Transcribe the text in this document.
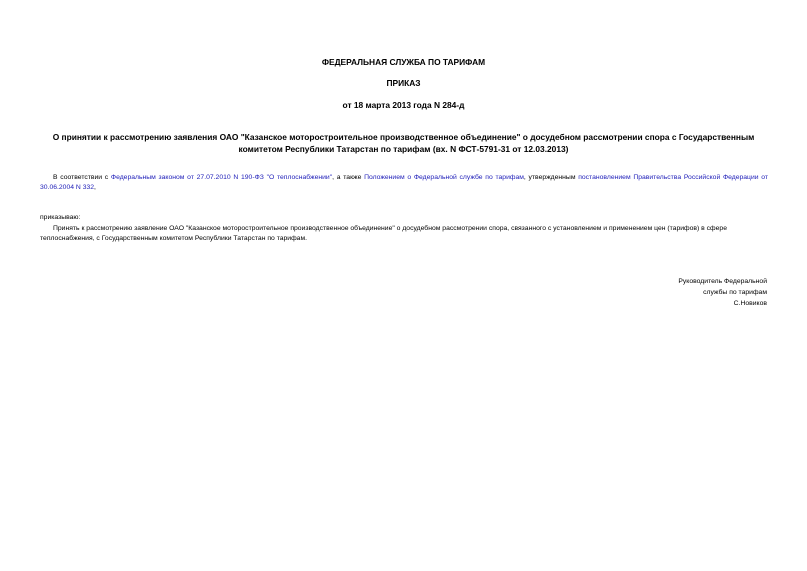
ФЕДЕРАЛЬНАЯ СЛУЖБА ПО ТАРИФАМ

ПРИКАЗ

от 18 марта 2013 года N 284-д

О принятии к рассмотрению заявления ОАО "Казанское моторостроительное производственное объединение" о досудебном рассмотрении спора с Государственным комитетом Республики Татарстан по тарифам (вх. N ФСТ-5791-31 от 12.03.2013)

В соответствии с Федеральным законом от 27.07.2010 N 190-ФЗ "О теплоснабжении", а также Положением о Федеральной службе по тарифам, утвержденным постановлением Правительства Российской Федерации от 30.06.2004 N 332,

приказываю:

Принять к рассмотрению заявление ОАО "Казанское моторостроительное производственное объединение" о досудебном рассмотрении спора, связанного с установлением и применением цен (тарифов) в сфере теплоснабжения, с Государственным комитетом Республики Татарстан по тарифам.

Руководитель Федеральной
службы по тарифам
С.Новиков
